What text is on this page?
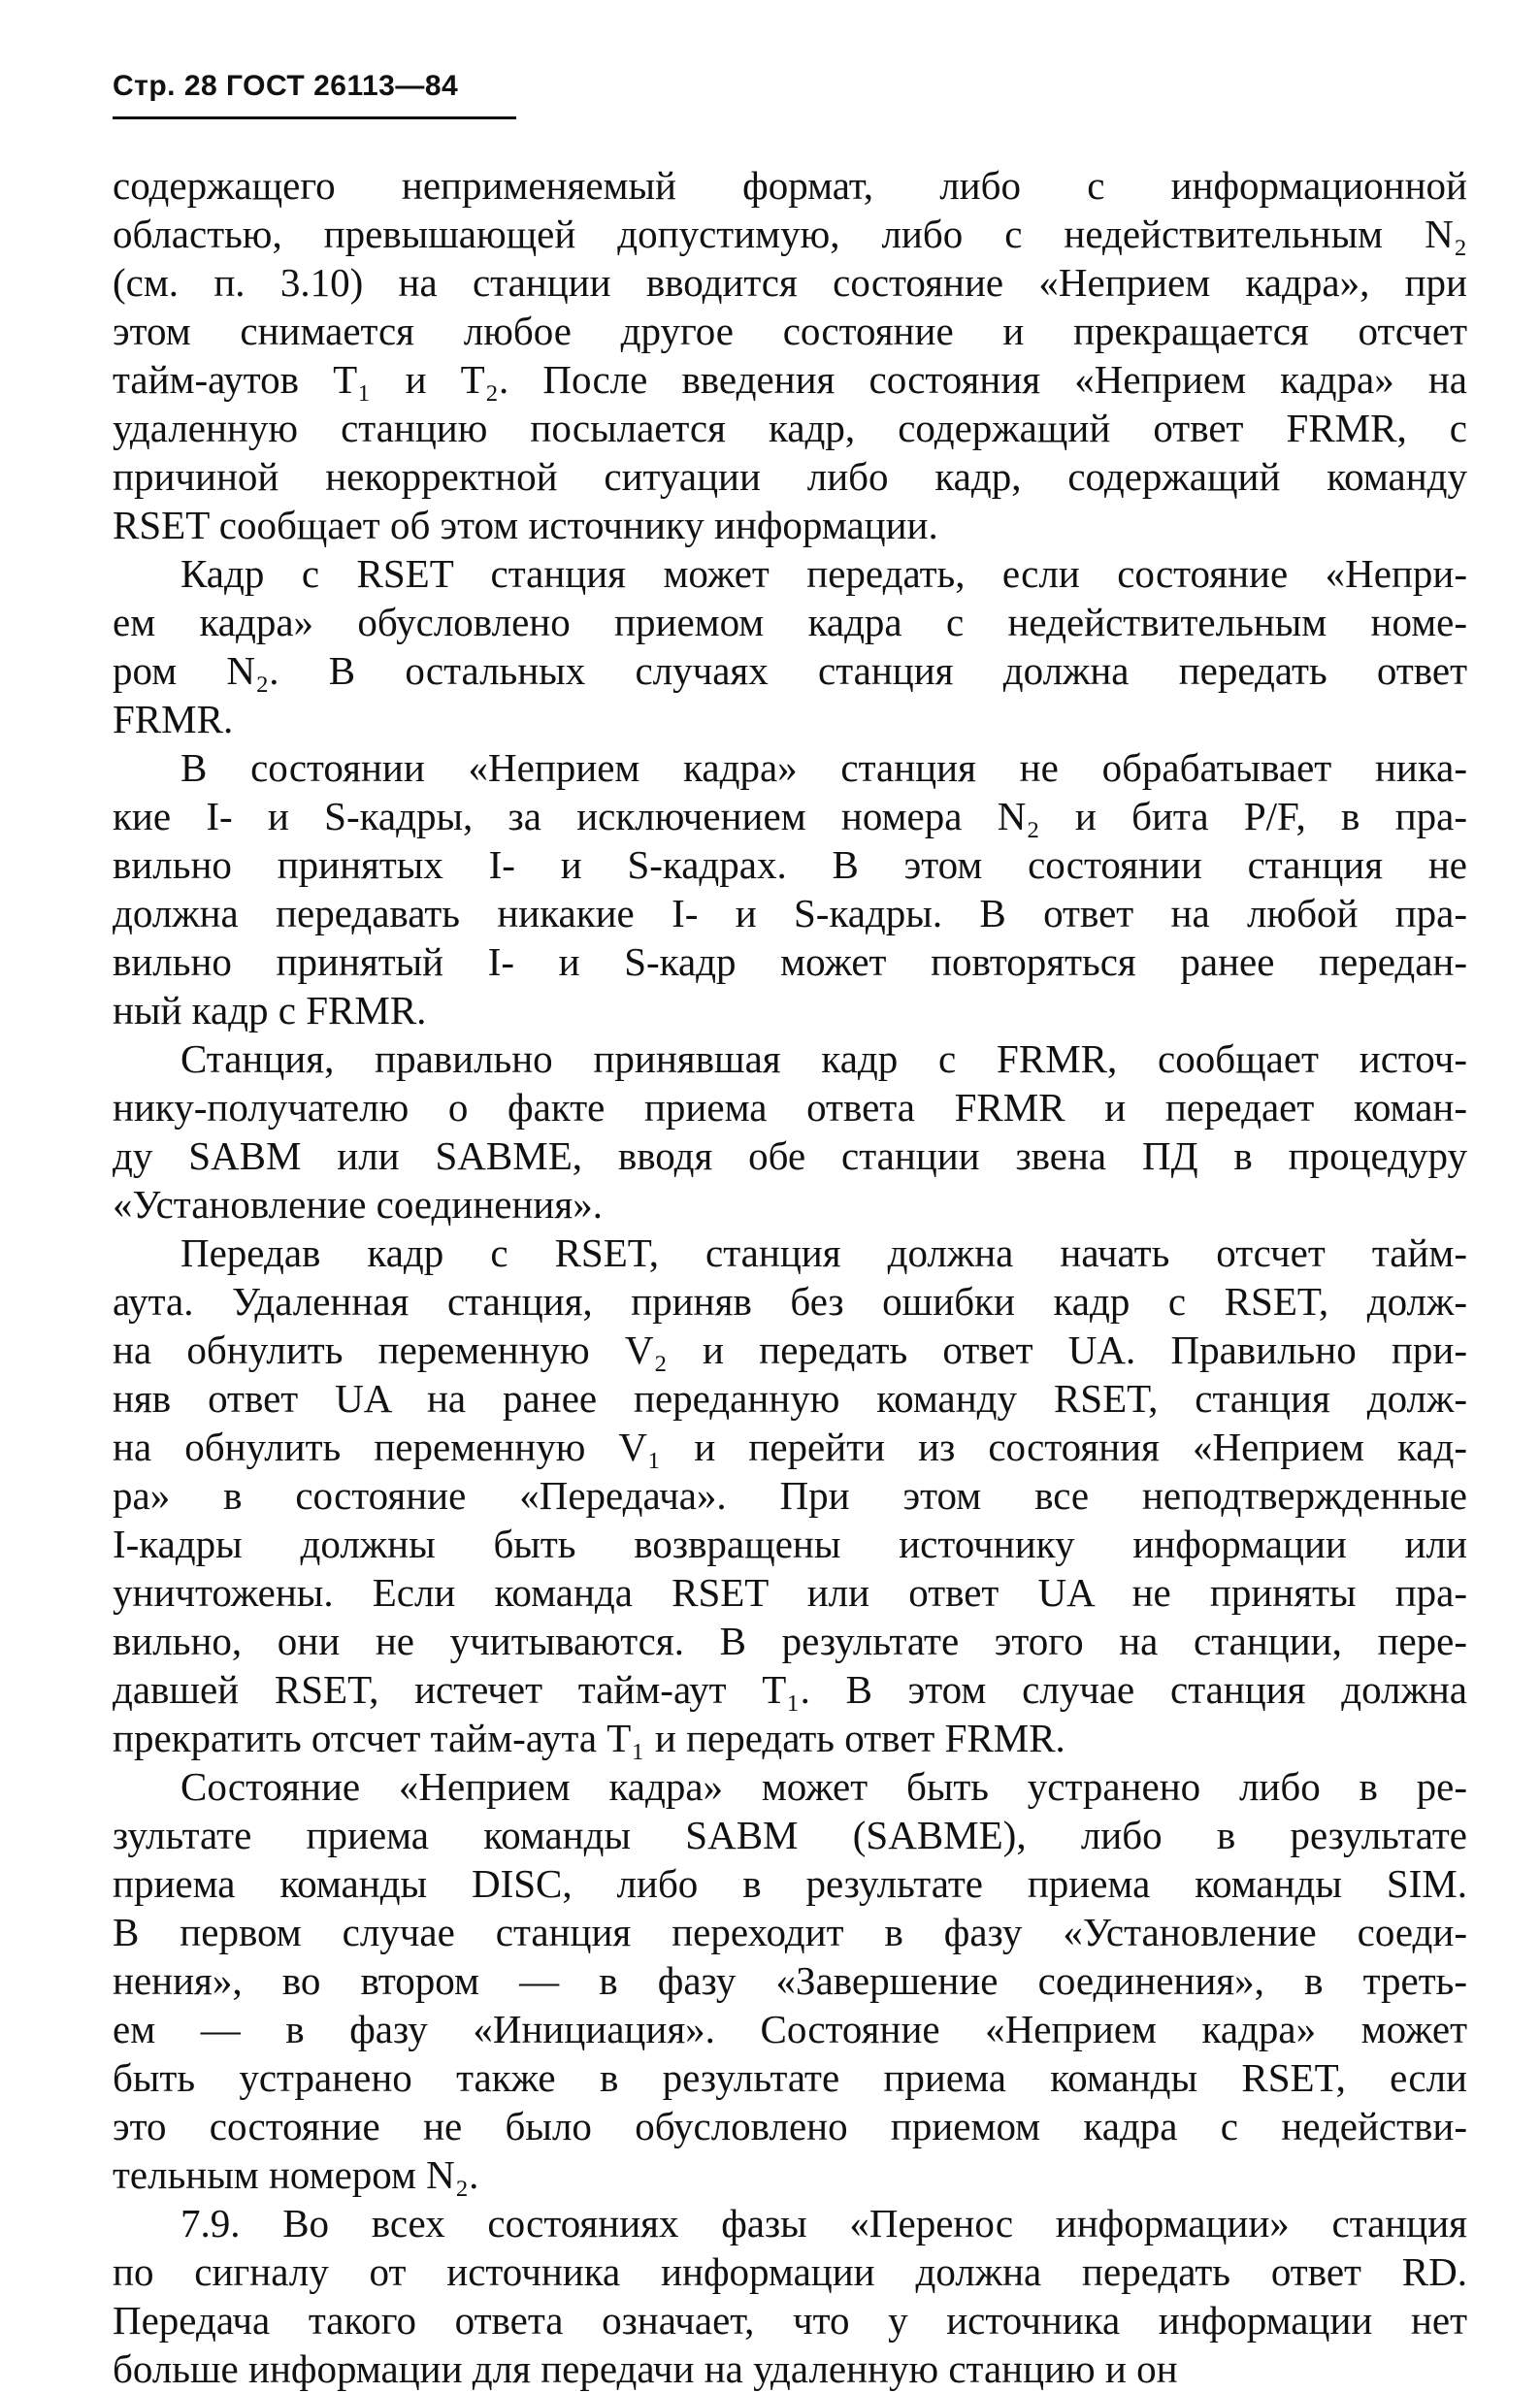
Стр. 28 ГОСТ 26113—84
содержащего неприменяемый формат, либо с информационной
областью, превышающей допустимую, либо с недействительным N₂
(см. п. 3.10) на станции вводится состояние «Неприем кадра», при
этом снимается любое другое состояние и прекращается отсчет
тайм-аутов T₁ и T₂. После введения состояния «Неприем кадра» на
удаленную станцию посылается кадр, содержащий ответ FRMR, с
причиной некорректной ситуации либо кадр, содержащий команду
RSET сообщает об этом источнику информации.
Кадр с RSET станция может передать, если состояние «Непри-
ем кадра» обусловлено приемом кадра с недействительным номе-
ром N₂. В остальных случаях станция должна передать ответ
FRMR.
В состоянии «Неприем кадра» станция не обрабатывает ника-
кие I- и S-кадры, за исключением номера N₂ и бита P/F, в пра-
вильно принятых I- и S-кадрах. В этом состоянии станция не
должна передавать никакие I- и S-кадры. В ответ на любой пра-
вильно принятый I- и S-кадр может повторяться ранее передан-
ный кадр с FRMR.
Станция, правильно принявшая кадр с FRMR, сообщает источ-
нику-получателю о факте приема ответа FRMR и передает коман-
ду SABM или SABME, вводя обе станции звена ПД в процедуру
«Установление соединения».
Передав кадр с RSET, станция должна начать отсчет тайм-
аута. Удаленная станция, приняв без ошибки кадр с RSET, долж-
на обнулить переменную V₂ и передать ответ UA. Правильно при-
няв ответ UA на ранее переданную команду RSET, станция долж-
на обнулить переменную V₁ и перейти из состояния «Неприем кад-
ра» в состояние «Передача». При этом все неподтвержденные
I-кадры должны быть возвращены источнику информации или
уничтожены. Если команда RSET или ответ UA не приняты пра-
вильно, они не учитываются. В результате этого на станции, пере-
давшей RSET, истечет тайм-аут T₁. В этом случае станция должна
прекратить отсчет тайм-аута T₁ и передать ответ FRMR.
Состояние «Неприем кадра» может быть устранено либо в ре-
зультате приема команды SABM (SABME), либо в результате
приема команды DISC, либо в результате приема команды SIM.
В первом случае станция переходит в фазу «Установление соеди-
нения», во втором — в фазу «Завершение соединения», в треть-
ем — в фазу «Инициация». Состояние «Неприем кадра» может
быть устранено также в результате приема команды RSET, если
это состояние не было обусловлено приемом кадра с недействи-
тельным номером N₂.
7.9. Во всех состояниях фазы «Перенос информации» станция
по сигналу от источника информации должна передать ответ RD.
Передача такого ответа означает, что у источника информации нет
больше информации для передачи на удаленную станцию и он
